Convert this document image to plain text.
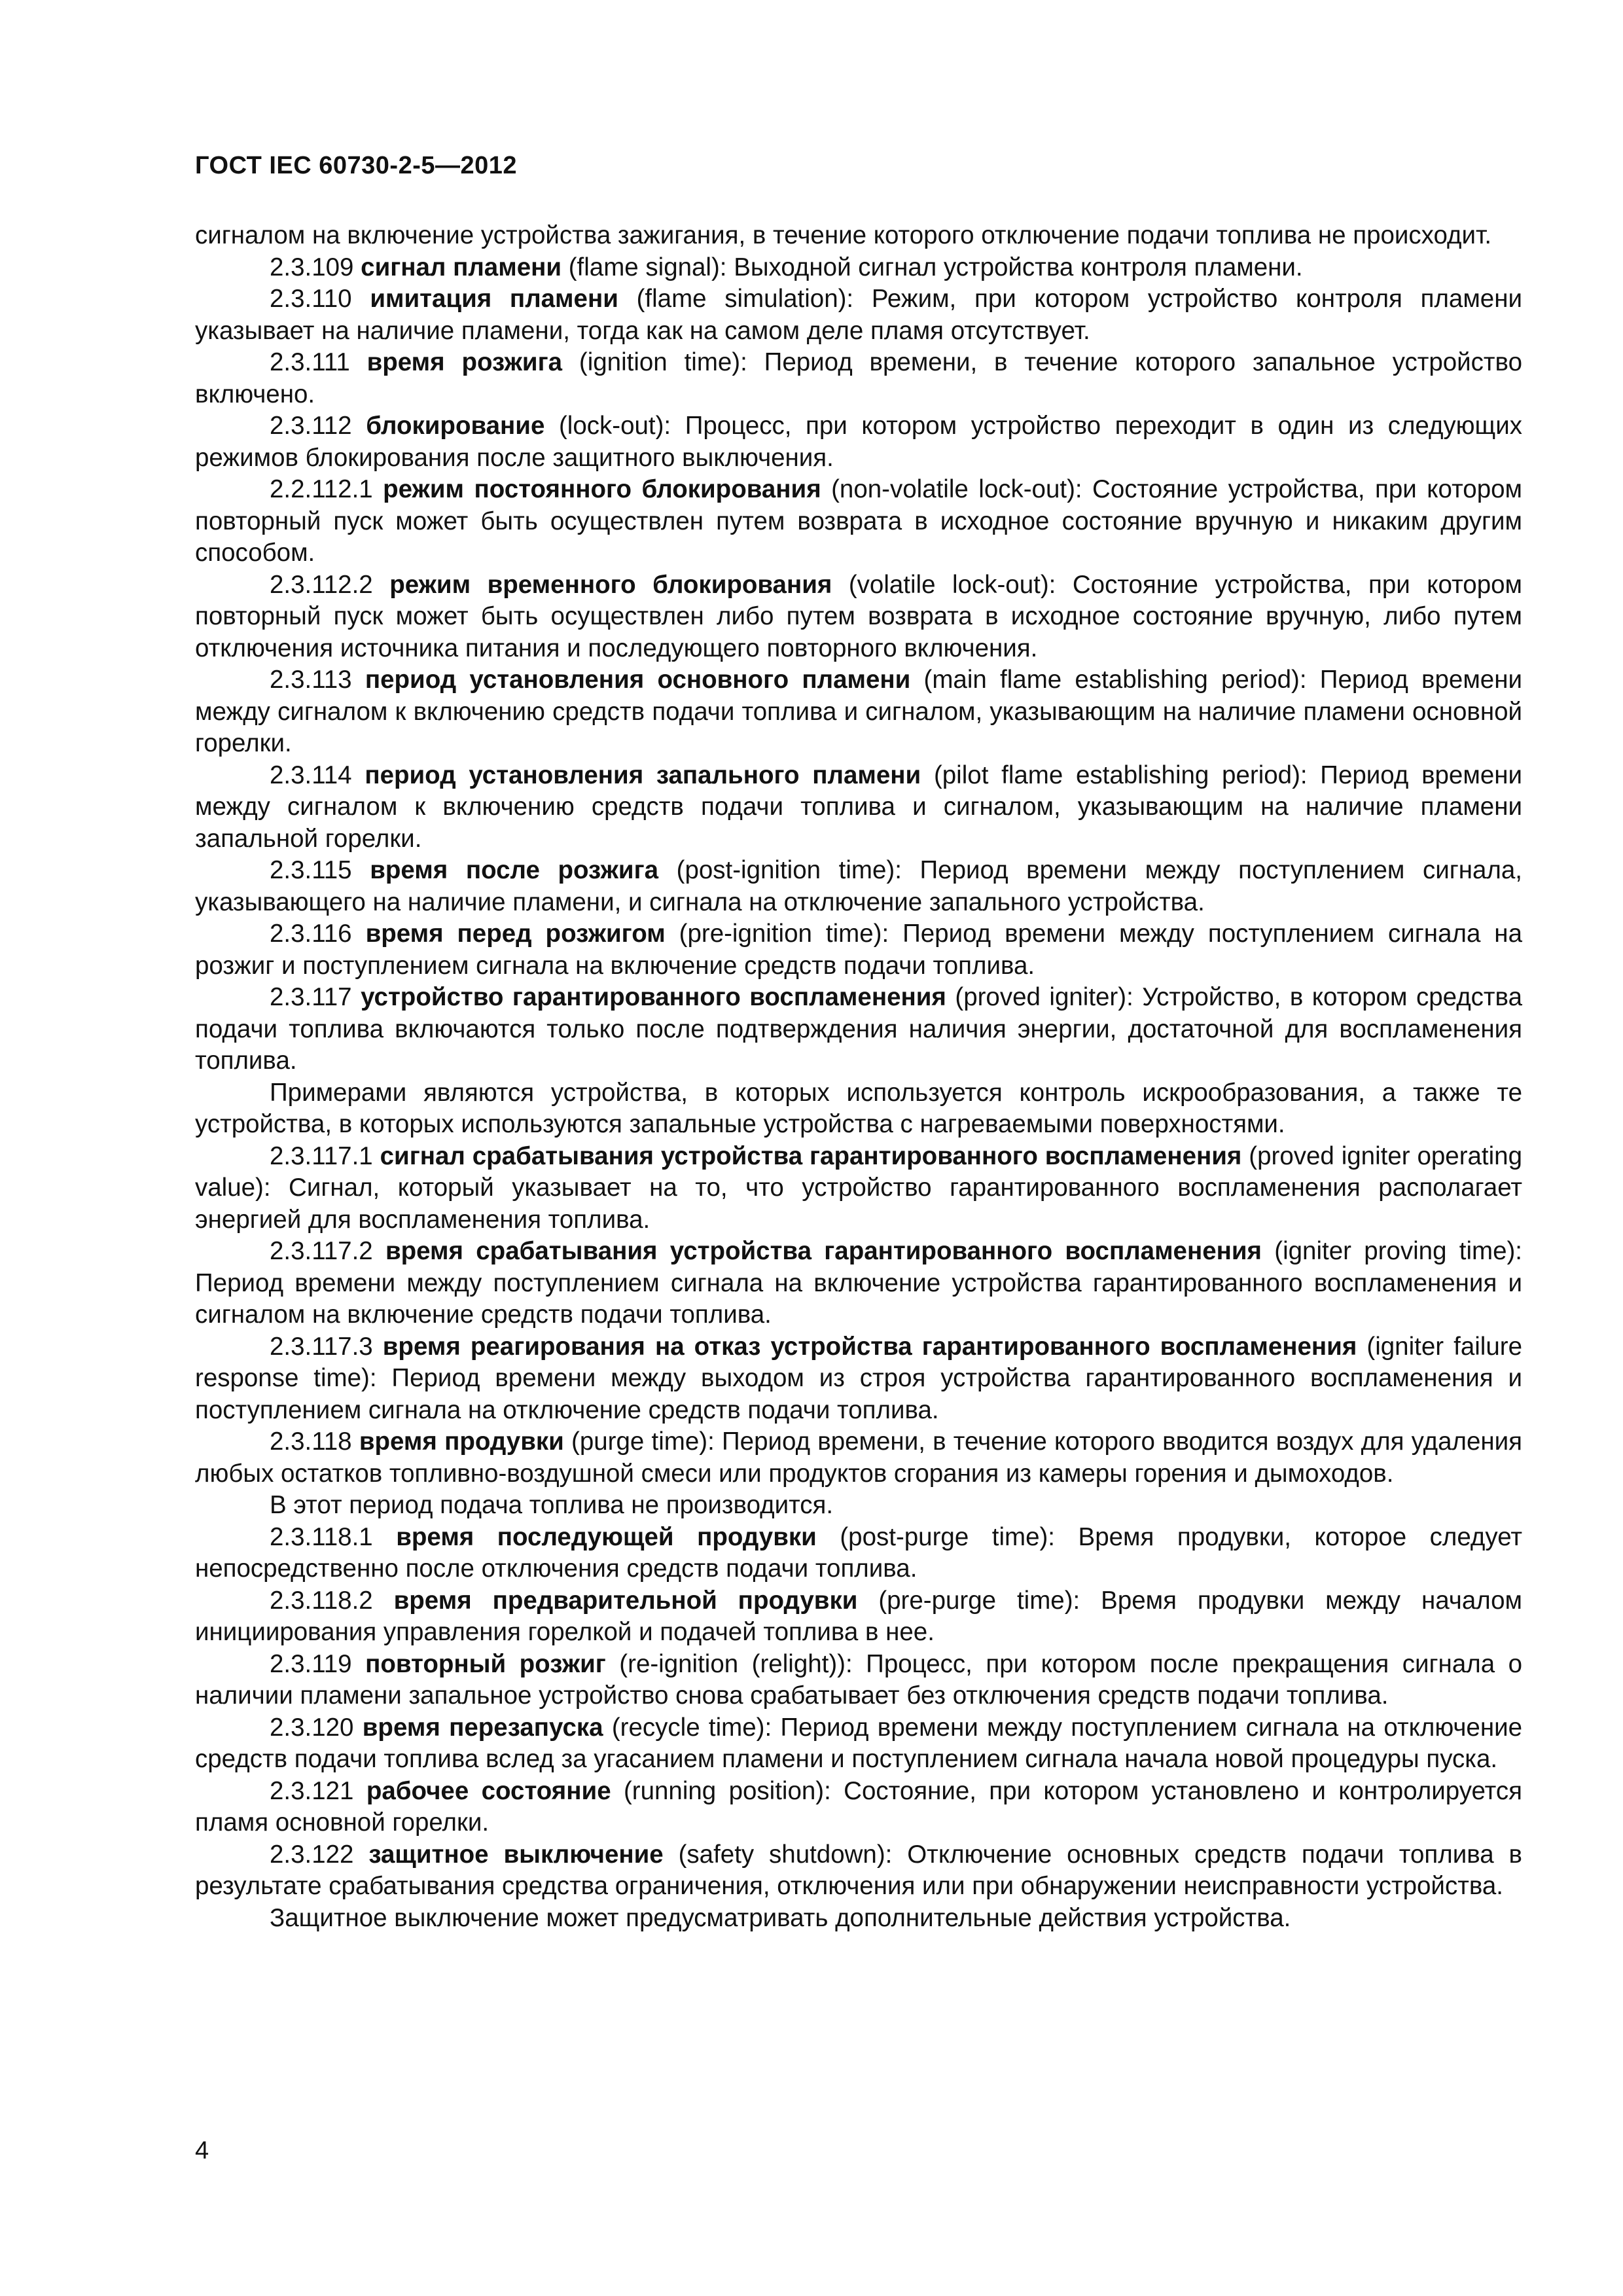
ГОСТ IEC 60730-2-5—2012

сигналом на включение устройства зажигания, в течение которого отключение подачи топлива не происходит.

2.3.109 сигнал пламени (flame signal): Выходной сигнал устройства контроля пламени.

2.3.110 имитация пламени (flame simulation): Режим, при котором устройство контроля пламени указывает на наличие пламени, тогда как на самом деле пламя отсутствует.

2.3.111 время розжига (ignition time): Период времени, в течение которого запальное устройство включено.

2.3.112 блокирование (lock-out): Процесс, при котором устройство переходит в один из следующих режимов блокирования после защитного выключения.

2.2.112.1 режим постоянного блокирования (non-volatile lock-out): Состояние устройства, при котором повторный пуск может быть осуществлен путем возврата в исходное состояние вручную и никаким другим способом.

2.3.112.2 режим временного блокирования (volatile lock-out): Состояние устройства, при котором повторный пуск может быть осуществлен либо путем возврата в исходное состояние вручную, либо путем отключения источника питания и последующего повторного включения.

2.3.113 период установления основного пламени (main flame establishing period): Период времени между сигналом к включению средств подачи топлива и сигналом, указывающим на наличие пламени основной горелки.

2.3.114 период установления запального пламени (pilot flame establishing period): Период времени между сигналом к включению средств подачи топлива и сигналом, указывающим на наличие пламени запальной горелки.

2.3.115 время после розжига (post-ignition time): Период времени между поступлением сигнала, указывающего на наличие пламени, и сигнала на отключение запального устройства.

2.3.116 время перед розжигом (pre-ignition time): Период времени между поступлением сигнала на розжиг и поступлением сигнала на включение средств подачи топлива.

2.3.117 устройство гарантированного воспламенения (proved igniter): Устройство, в котором средства подачи топлива включаются только после подтверждения наличия энергии, достаточной для воспламенения топлива.

Примерами являются устройства, в которых используется контроль искрообразования, а также те устройства, в которых используются запальные устройства с нагреваемыми поверхностями.

2.3.117.1 сигнал срабатывания устройства гарантированного воспламенения (proved igniter operating value): Сигнал, который указывает на то, что устройство гарантированного воспламенения располагает энергией для воспламенения топлива.

2.3.117.2 время срабатывания устройства гарантированного воспламенения (igniter proving time): Период времени между поступлением сигнала на включение устройства гарантированного воспламенения и сигналом на включение средств подачи топлива.

2.3.117.3 время реагирования на отказ устройства гарантированного воспламенения (igniter failure response time): Период времени между выходом из строя устройства гарантированного воспламенения и поступлением сигнала на отключение средств подачи топлива.

2.3.118 время продувки (purge time): Период времени, в течение которого вводится воздух для удаления любых остатков топливно-воздушной смеси или продуктов сгорания из камеры горения и дымоходов.

В этот период подача топлива не производится.

2.3.118.1 время последующей продувки (post-purge time): Время продувки, которое следует непосредственно после отключения средств подачи топлива.

2.3.118.2 время предварительной продувки (pre-purge time): Время продувки между началом инициирования управления горелкой и подачей топлива в нее.

2.3.119 повторный розжиг (re-ignition (relight)): Процесс, при котором после прекращения сигнала о наличии пламени запальное устройство снова срабатывает без отключения средств подачи топлива.

2.3.120 время перезапуска (recycle time): Период времени между поступлением сигнала на отключение средств подачи топлива вслед за угасанием пламени и поступлением сигнала начала новой процедуры пуска.

2.3.121 рабочее состояние (running position): Состояние, при котором установлено и контролируется пламя основной горелки.

2.3.122 защитное выключение (safety shutdown): Отключение основных средств подачи топлива в результате срабатывания средства ограничения, отключения или при обнаружении неисправности устройства.

Защитное выключение может предусматривать дополнительные действия устройства.

4
